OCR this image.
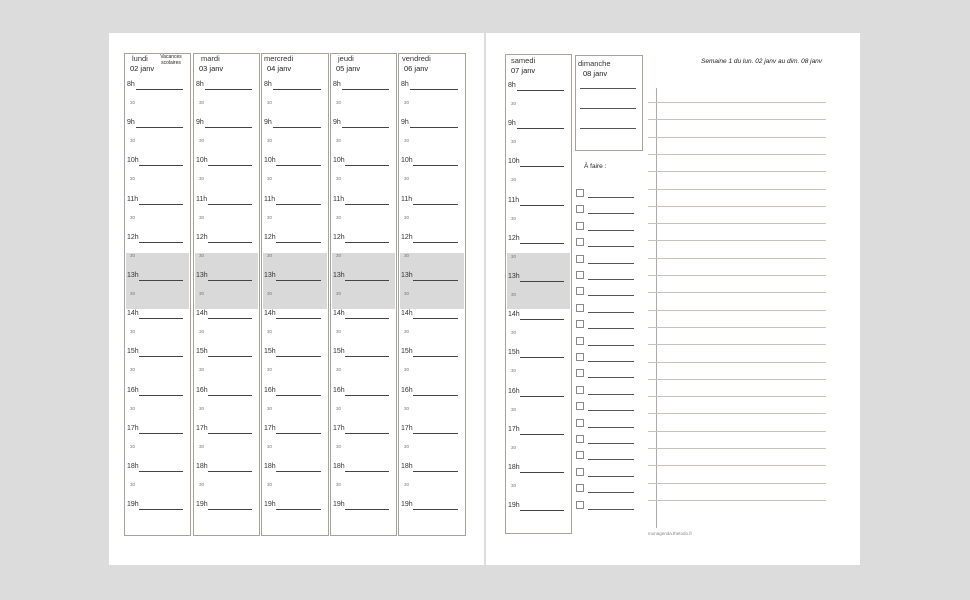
Semaine 1 du lun. 02 janv au dim. 08 janv
À faire :
monagenda.thetodo.fr
lundi
02 janv
Vacances scolaires
8h
30
9h
30
10h
30
11h
30
12h
30
13h
30
14h
30
15h
30
16h
30
17h
30
18h
30
19h
mardi
03 janv
8h
30
9h
30
10h
30
11h
30
12h
30
13h
30
14h
30
15h
30
16h
30
17h
30
18h
30
19h
mercredi
04 janv
8h
30
9h
30
10h
30
11h
30
12h
30
13h
30
14h
30
15h
30
16h
30
17h
30
18h
30
19h
jeudi
05 janv
8h
30
9h
30
10h
30
11h
30
12h
30
13h
30
14h
30
15h
30
16h
30
17h
30
18h
30
19h
vendredi
06 janv
8h
30
9h
30
10h
30
11h
30
12h
30
13h
30
14h
30
15h
30
16h
30
17h
30
18h
30
19h
samedi
07 janv
8h
30
9h
30
10h
30
11h
30
12h
30
13h
30
14h
30
15h
30
16h
30
17h
30
18h
30
19h
dimanche
08 janv
